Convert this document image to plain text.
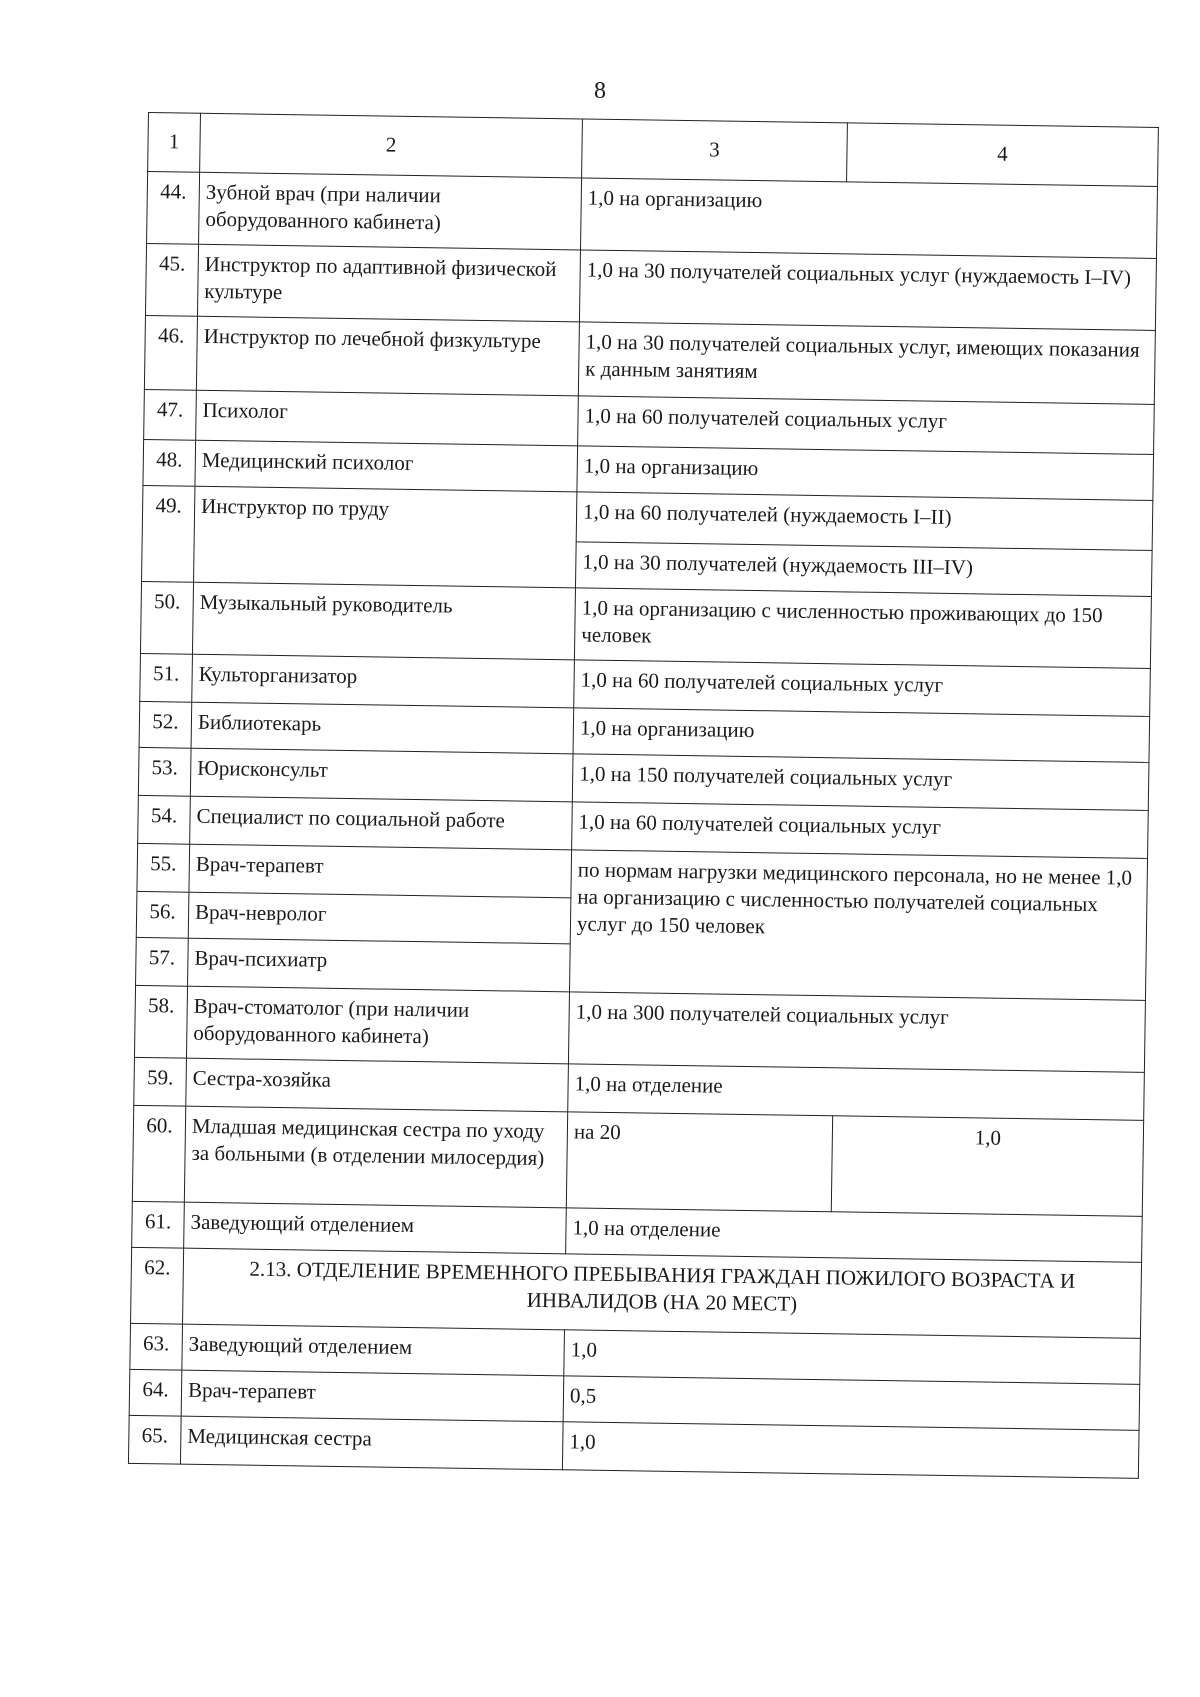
8
1	2	3	4
44.	Зубной врач (при наличии оборудованного кабинета)	1,0 на организацию	
45.	Инструктор по адаптивной физической культуре	1,0 на 30 получателей социальных услуг (нуждаемость I–IV)	
46.	Инструктор по лечебной физкультуре	1,0 на 30 получателей социальных услуг, имеющих показания к данным занятиям	
47.	Психолог	1,0 на 60 получателей социальных услуг	
48.	Медицинский психолог	1,0 на организацию	
49.	Инструктор по труду	1,0 на 60 получателей (нуждаемость I–II)	
		1,0 на 30 получателей (нуждаемость III–IV)	
50.	Музыкальный руководитель	1,0 на организацию с численностью проживающих до 150 человек	
51.	Культорганизатор	1,0 на 60 получателей социальных услуг	
52.	Библиотекарь	1,0 на организацию	
53.	Юрисконсульт	1,0 на 150 получателей социальных услуг	
54.	Специалист по социальной работе	1,0 на 60 получателей социальных услуг	
55.	Врач-терапевт	по нормам нагрузки медицинского персонала, но не менее 1,0 на организацию с численностью получателей социальных услуг до 150 человек	
56.	Врач-невролог		
57.	Врач-психиатр		
58.	Врач-стоматолог (при наличии оборудованного кабинета)	1,0 на 300 получателей социальных услуг	
59.	Сестра-хозяйка	1,0 на отделение	
60.	Младшая медицинская сестра по уходу за больными (в отделении милосердия)	на 20	1,0
61.	Заведующий отделением	1,0 на отделение	
62.	2.13. ОТДЕЛЕНИЕ ВРЕМЕННОГО ПРЕБЫВАНИЯ ГРАЖДАН ПОЖИЛОГО ВОЗРАСТА И ИНВАЛИДОВ (НА 20 МЕСТ)		
63.	Заведующий отделением	1,0	
64.	Врач-терапевт	0,5	
65.	Медицинская сестра	1,0	
